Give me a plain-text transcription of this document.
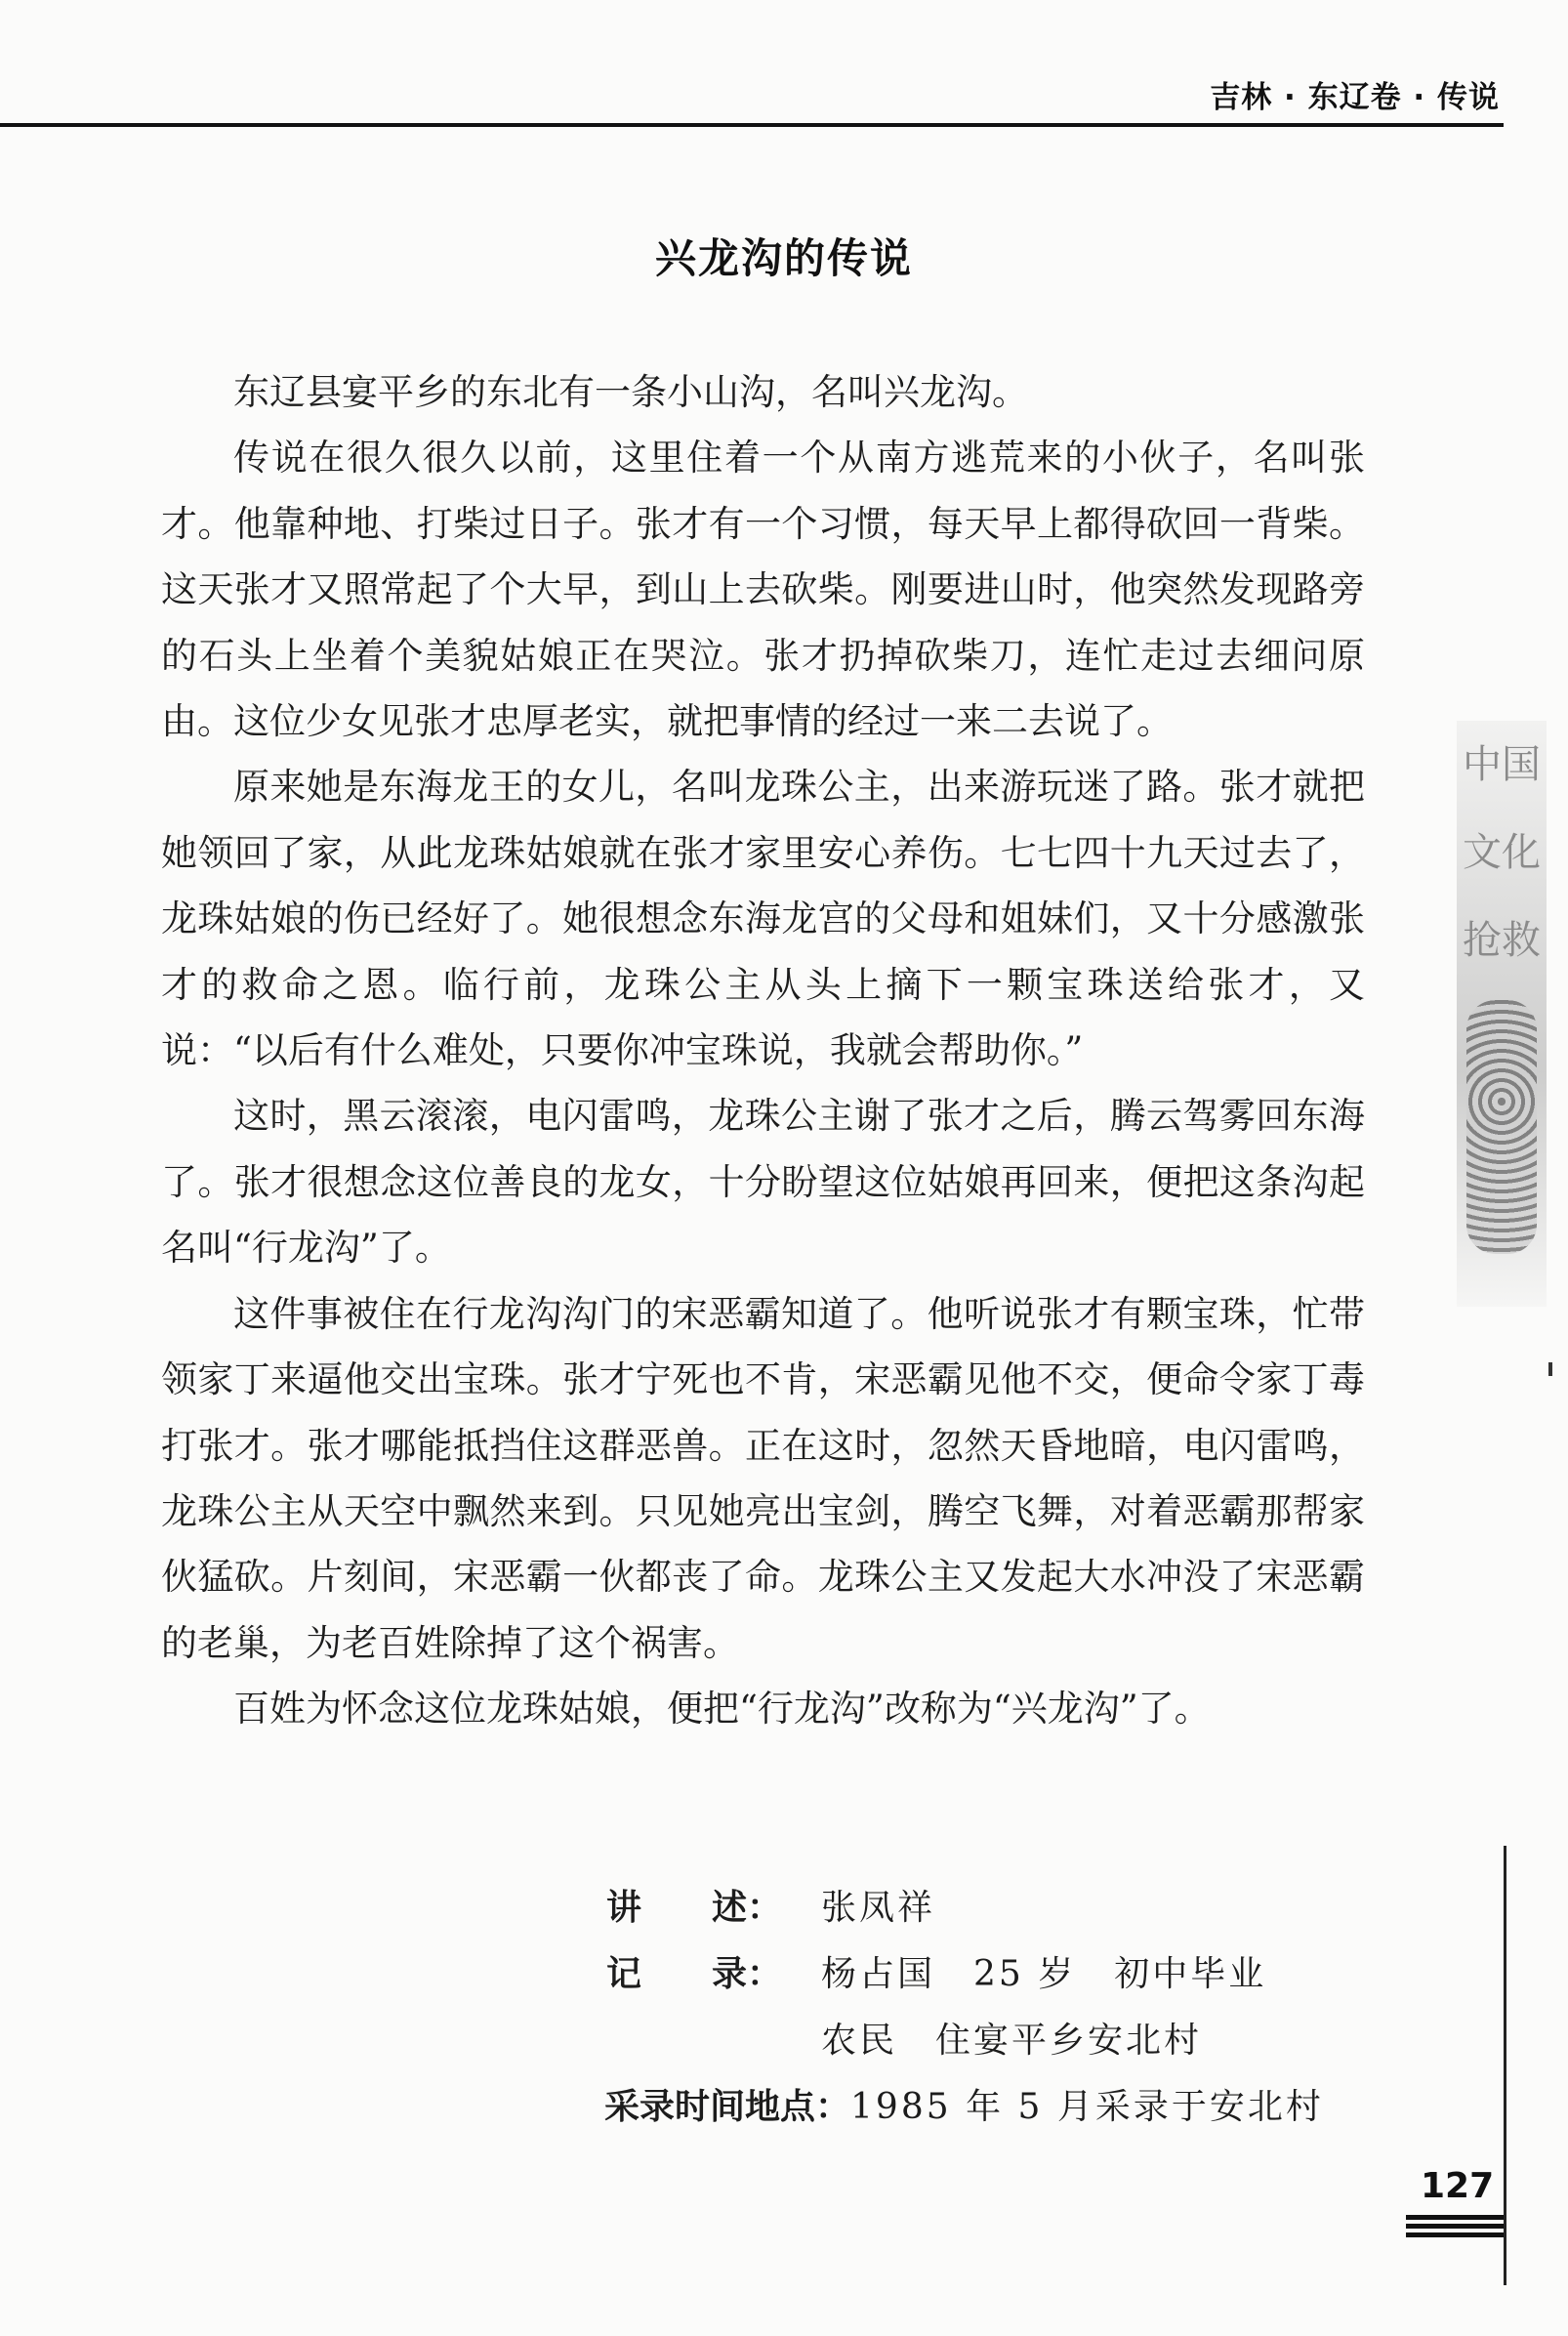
吉林 · 东辽卷 · 传说
兴龙沟的传说

东辽县宴平乡的东北有一条小山沟，名叫兴龙沟。

传说在很久很久以前，这里住着一个从南方逃荒来的小伙子，名叫张才。他靠种地、打柴过日子。张才有一个习惯，每天早上都得砍回一背柴。这天张才又照常起了个大早，到山上去砍柴。刚要进山时，他突然发现路旁的石头上坐着个美貌姑娘正在哭泣。张才扔掉砍柴刀，连忙走过去细问原由。这位少女见张才忠厚老实，就把事情的经过一来二去说了。

原来她是东海龙王的女儿，名叫龙珠公主，出来游玩迷了路。张才就把她领回了家，从此龙珠姑娘就在张才家里安心养伤。七七四十九天过去了，龙珠姑娘的伤已经好了。她很想念东海龙宫的父母和姐妹们，又十分感激张才的救命之恩。临行前，龙珠公主从头上摘下一颗宝珠送给张才，又说：“以后有什么难处，只要你冲宝珠说，我就会帮助你。”

这时，黑云滚滚，电闪雷鸣，龙珠公主谢了张才之后，腾云驾雾回东海了。张才很想念这位善良的龙女，十分盼望这位姑娘再回来，便把这条沟起名叫“行龙沟”了。

这件事被住在行龙沟沟门的宋恶霸知道了。他听说张才有颗宝珠，忙带领家丁来逼他交出宝珠。张才宁死也不肯，宋恶霸见他不交，便命令家丁毒打张才。张才哪能抵挡住这群恶兽。正在这时，忽然天昏地暗，电闪雷鸣，龙珠公主从天空中飘然来到。只见她亮出宝剑，腾空飞舞，对着恶霸那帮家伙猛砍。片刻间，宋恶霸一伙都丧了命。龙珠公主又发起大水冲没了宋恶霸的老巢，为老百姓除掉了这个祸害。

百姓为怀念这位龙珠姑娘，便把“行龙沟”改称为“兴龙沟”了。

讲　　述：	张凤祥
记　　录：	杨占国　25 岁　初中毕业
农民　住宴平乡安北村
采录时间地点： 1985 年 5 月采录于安北村
中国
文化
抢救
127
